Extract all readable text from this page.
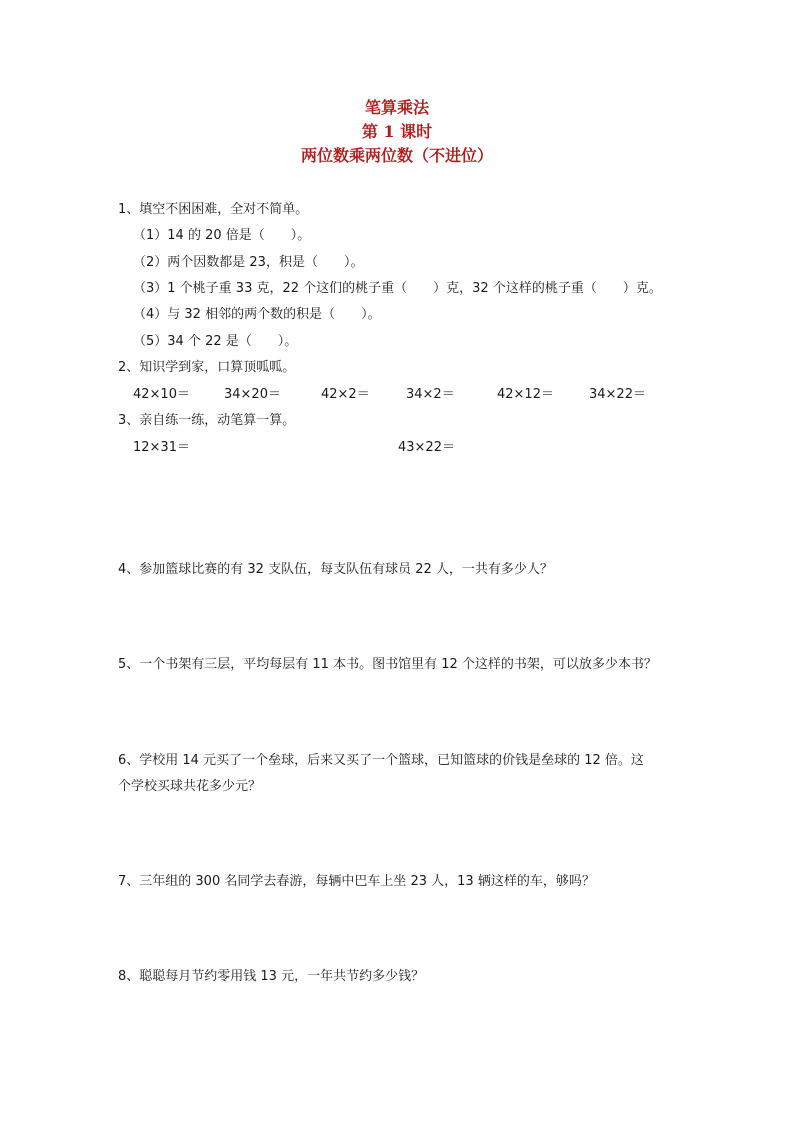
笔算乘法
第 1 课时
两位数乘两位数（不进位）
1、填空不困困难，全对不简单。
（1）14 的 20 倍是（　　）。
（2）两个因数都是 23，积是（　　）。
（3）1 个桃子重 33 克，22 个这们的桃子重（　　）克，32 个这样的桃子重（　　）克。
（4）与 32 相邻的两个数的积是（　　）。
（5）34 个 22 是（　　）。
2、知识学到家，口算顶呱呱。
42×10＝	34×20＝	42×2＝	34×2＝	42×12＝	34×22＝
3、亲自练一练，动笔算一算。
12×31＝	43×22＝
4、参加篮球比赛的有 32 支队伍，每支队伍有球员 22 人，一共有多少人？
5、一个书架有三层，平均每层有 11 本书。图书馆里有 12 个这样的书架，可以放多少本书？
6、学校用 14 元买了一个垒球，后来又买了一个篮球，已知篮球的价钱是垒球的 12 倍。这
个学校买球共花多少元？
7、三年组的 300 名同学去春游，每辆中巴车上坐 23 人，13 辆这样的车，够吗？
8、聪聪每月节约零用钱 13 元，一年共节约多少钱？
